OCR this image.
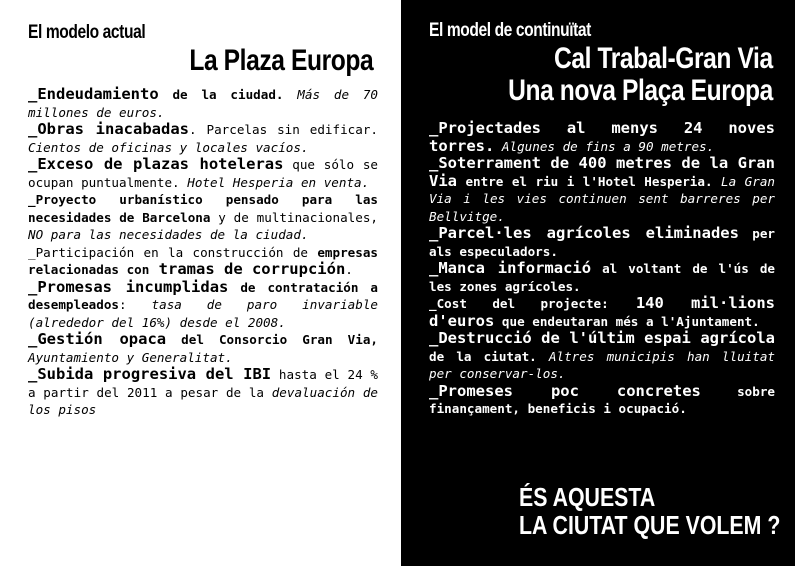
El modelo actual
La Plaza Europa

_Endeudamiento de la ciudad. Más de 70 millones de euros.

_Obras inacabadas. Parcelas sin edificar. Cientos de oficinas y locales vacíos.

_Exceso de plazas hoteleras que sólo se ocupan puntualmente. Hotel Hesperia en venta.

_Proyecto urbanístico pensado para las necesidades de Barcelona y de multinacionales, NO para las necesidades de la ciudad.

_Participación en la construcción de empresas relacionadas con tramas de corrupción.

_Promesas incumplidas de contratación a desempleados: tasa de paro invariable (alrededor del 16%) desde el 2008.

_Gestión opaca del Consorcio Gran Via, Ayuntamiento y Generalitat.

_Subida progresiva del IBI hasta el 24 % a partir del 2011 a pesar de la devaluación de los pisos

El model de continuïtat
Cal Trabal-Gran Via
Una nova Plaça Europa

_Projectades al menys 24 noves torres. Algunes de fins a 90 metres.

_Soterrament de 400 metres de la Gran Via entre el riu i l'Hotel Hesperia. La Gran Via i les vies continuen sent barreres per Bellvitge.

_Parcel·les agrícoles eliminades per als especuladors.

_Manca informació al voltant de l'ús de les zones agrícoles.

_Cost del projecte: 140 mil·lions d'euros que endeutaran més a l'Ajuntament.

_Destrucció de l'últim espai agrícola de la ciutat. Altres municipis han lluitat per conservar-los.

_Promeses poc concretes sobre finançament, beneficis i ocupació.

ÉS AQUESTA
LA CIUTAT QUE VOLEM ?
